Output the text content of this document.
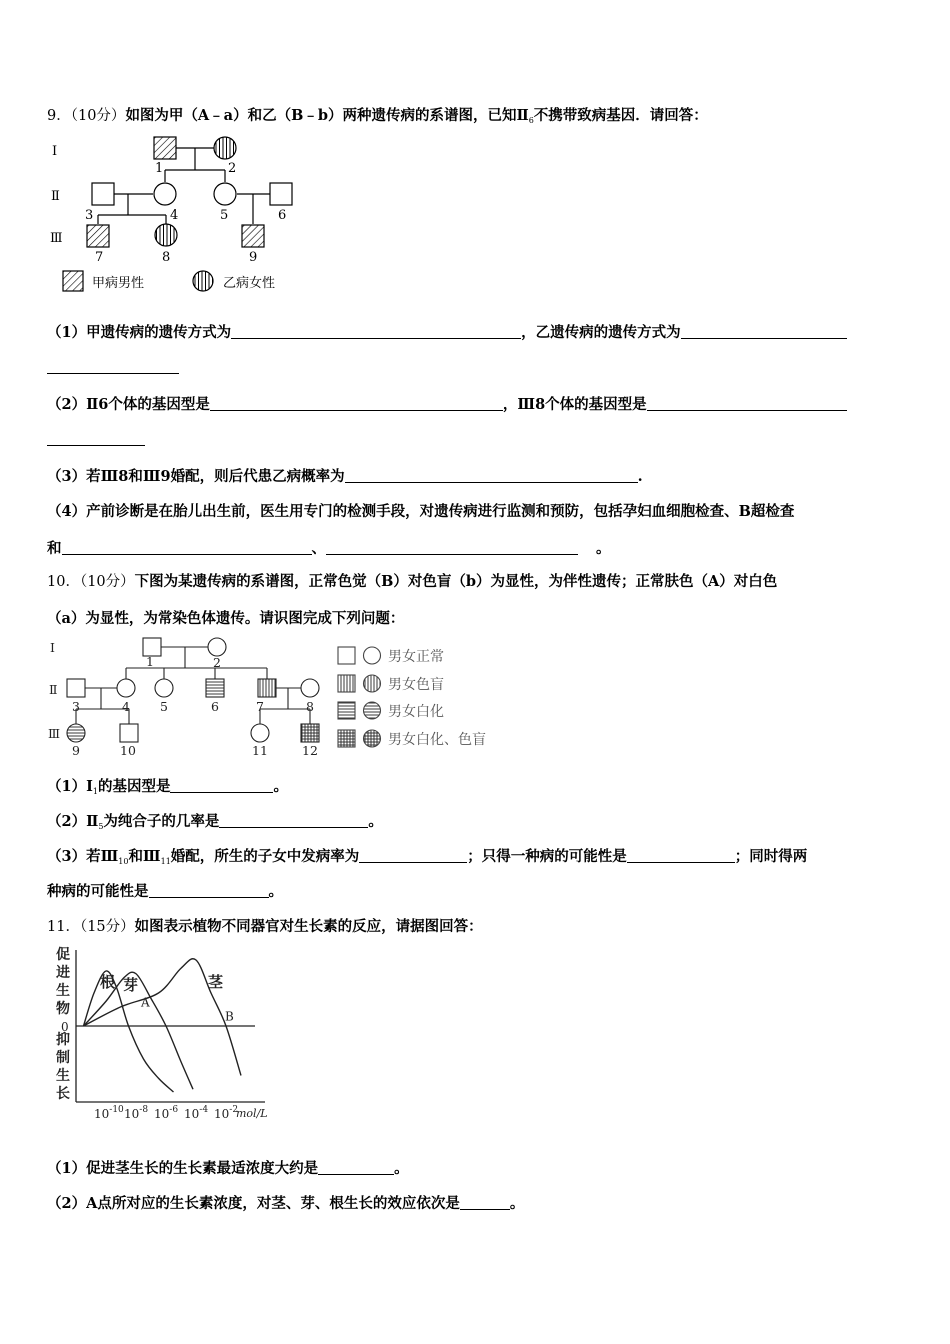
9．（10分）如图为甲（A﹣a）和乙（B﹣b）两种遗传病的系谱图，已知$Ⅱ_6$不携带致病基因．请回答：
Ⅰ
Ⅱ
Ⅲ
1	2
3	4	5	6
7	8	9
甲病男性	乙病女性
（1）甲遗传病的遗传方式为	，乙遗传病的遗传方式为
（2）Ⅱ6个体的基因型是	，Ⅲ8个体的基因型是
（3）若Ⅲ8和Ⅲ9婚配，则后代患乙病概率为	.
（4）产前诊断是在胎儿出生前，医生用专门的检测手段，对遗传病进行监测和预防，包括孕妇血细胞检查、B超检查
和	、	。
10．（10分）下图为某遗传病的系谱图，正常色觉（B）对色盲（b）为显性，为伴性遗传；正常肤色（A）对白色
（a）为显性，为常染色体遗传。请识图完成下列问题：
Ⅰ
Ⅱ
Ⅲ
1	2
3	4 5	6	7	8
9	10	11	12
男女正常
男女色盲
男女白化
男女白化、色盲
$(1)Ⅰ_1$的基因型是	。
$(2)Ⅱ_5$为纯合子的几率是	。
（3）若$Ⅲ_{10}$和$Ⅲ_{11}$婚配，所生的子女中发病率为	；只得一种病的可能性是	；同时得两
种病的可能性是	。
11．（15分）如图表示植物不同器官对生长素的反应，请据图回答：
促
进
生
物
抑
制
生
长
0
$10^{-10}$ $10^{-8}$ $10^{-6}$ $10^{-4}$ $10^{-2}$
mol/L
根 芽	茎
A
B
（1）促进茎生长的生长素最适浓度大约是	。
（2）A点所对应的生长素浓度，对茎、芽、根生长的效应依次是	。
